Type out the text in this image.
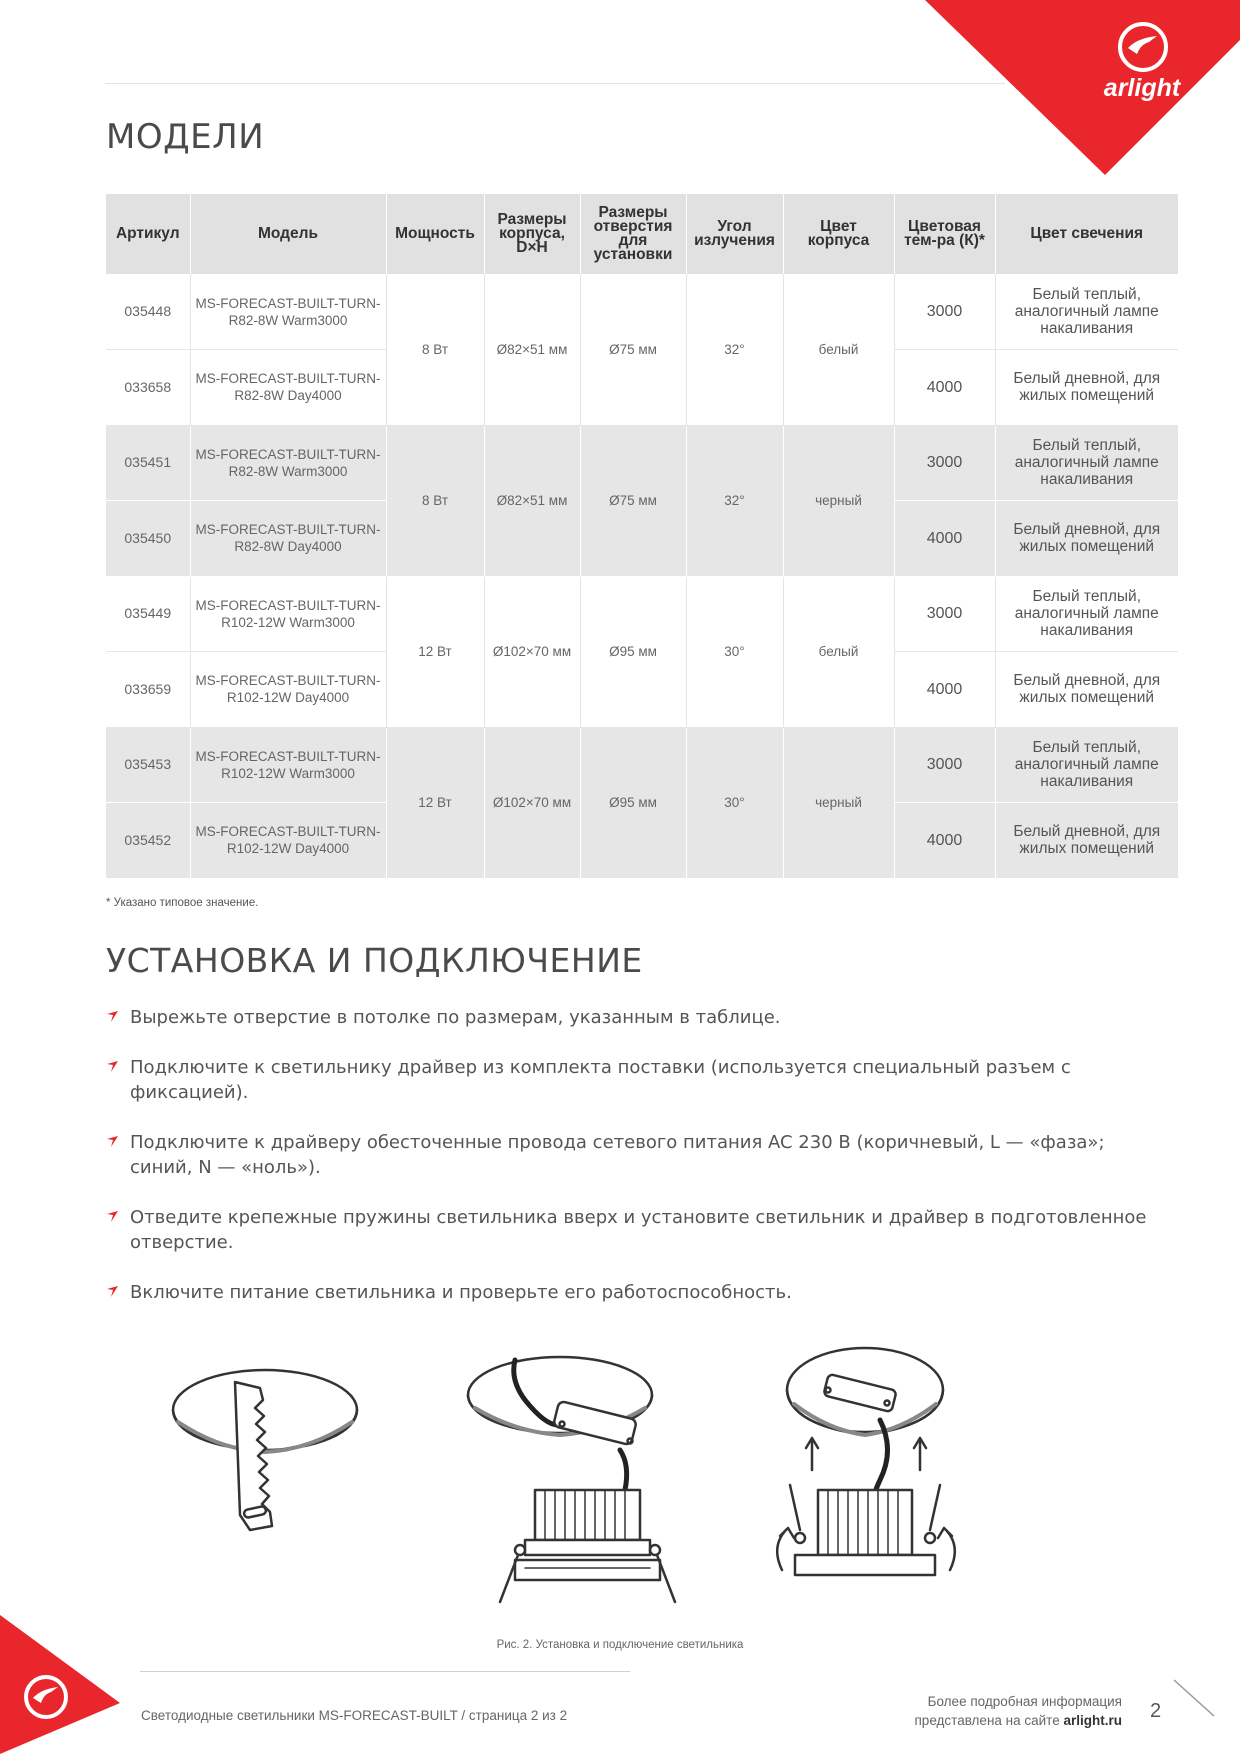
arlight
МОДЕЛИ
Артикул	Модель	Мощность	Размеры корпуса, D×H	Размеры отверстия для установки	Угол излучения	Цвет корпуса	Цветовая тем-ра (К)*	Цвет свечения
035448	MS-FORECAST-BUILT-TURN-R82-8W Warm3000	8 Вт	Ø82×51 мм	Ø75 мм	32°	белый	3000	Белый теплый, аналогичный лампе накаливания
033658	MS-FORECAST-BUILT-TURN-R82-8W Day4000						4000	Белый дневной, для жилых помещений
035451	MS-FORECAST-BUILT-TURN-R82-8W Warm3000	8 Вт	Ø82×51 мм	Ø75 мм	32°	черный	3000	Белый теплый, аналогичный лампе накаливания
035450	MS-FORECAST-BUILT-TURN-R82-8W Day4000						4000	Белый дневной, для жилых помещений
035449	MS-FORECAST-BUILT-TURN-R102-12W Warm3000	12 Вт	Ø102×70 мм	Ø95 мм	30°	белый	3000	Белый теплый, аналогичный лампе накаливания
033659	MS-FORECAST-BUILT-TURN-R102-12W Day4000						4000	Белый дневной, для жилых помещений
035453	MS-FORECAST-BUILT-TURN-R102-12W Warm3000	12 Вт	Ø102×70 мм	Ø95 мм	30°	черный	3000	Белый теплый, аналогичный лампе накаливания
035452	MS-FORECAST-BUILT-TURN-R102-12W Day4000						4000	Белый дневной, для жилых помещений
* Указано типовое значение.
УСТАНОВКА И ПОДКЛЮЧЕНИЕ
Вырежьте отверстие в потолке по размерам, указанным в таблице.
Подключите к светильнику драйвер из комплекта поставки (используется специальный разъем с фиксацией).
Подключите к драйверу обесточенные провода сетевого питания AC 230 В (коричневый, L — «фаза»; синий, N — «ноль»).
Отведите крепежные пружины светильника вверх и установите светильник и драйвер в подготовленное отверстие.
Включите питание светильника и проверьте его работоспособность.
Рис. 2. Установка и подключение светильника
Светодиодные светильники MS-FORECAST-BUILT / страница 2 из 2
Более подробная информация
представлена на сайте arlight.ru 2
